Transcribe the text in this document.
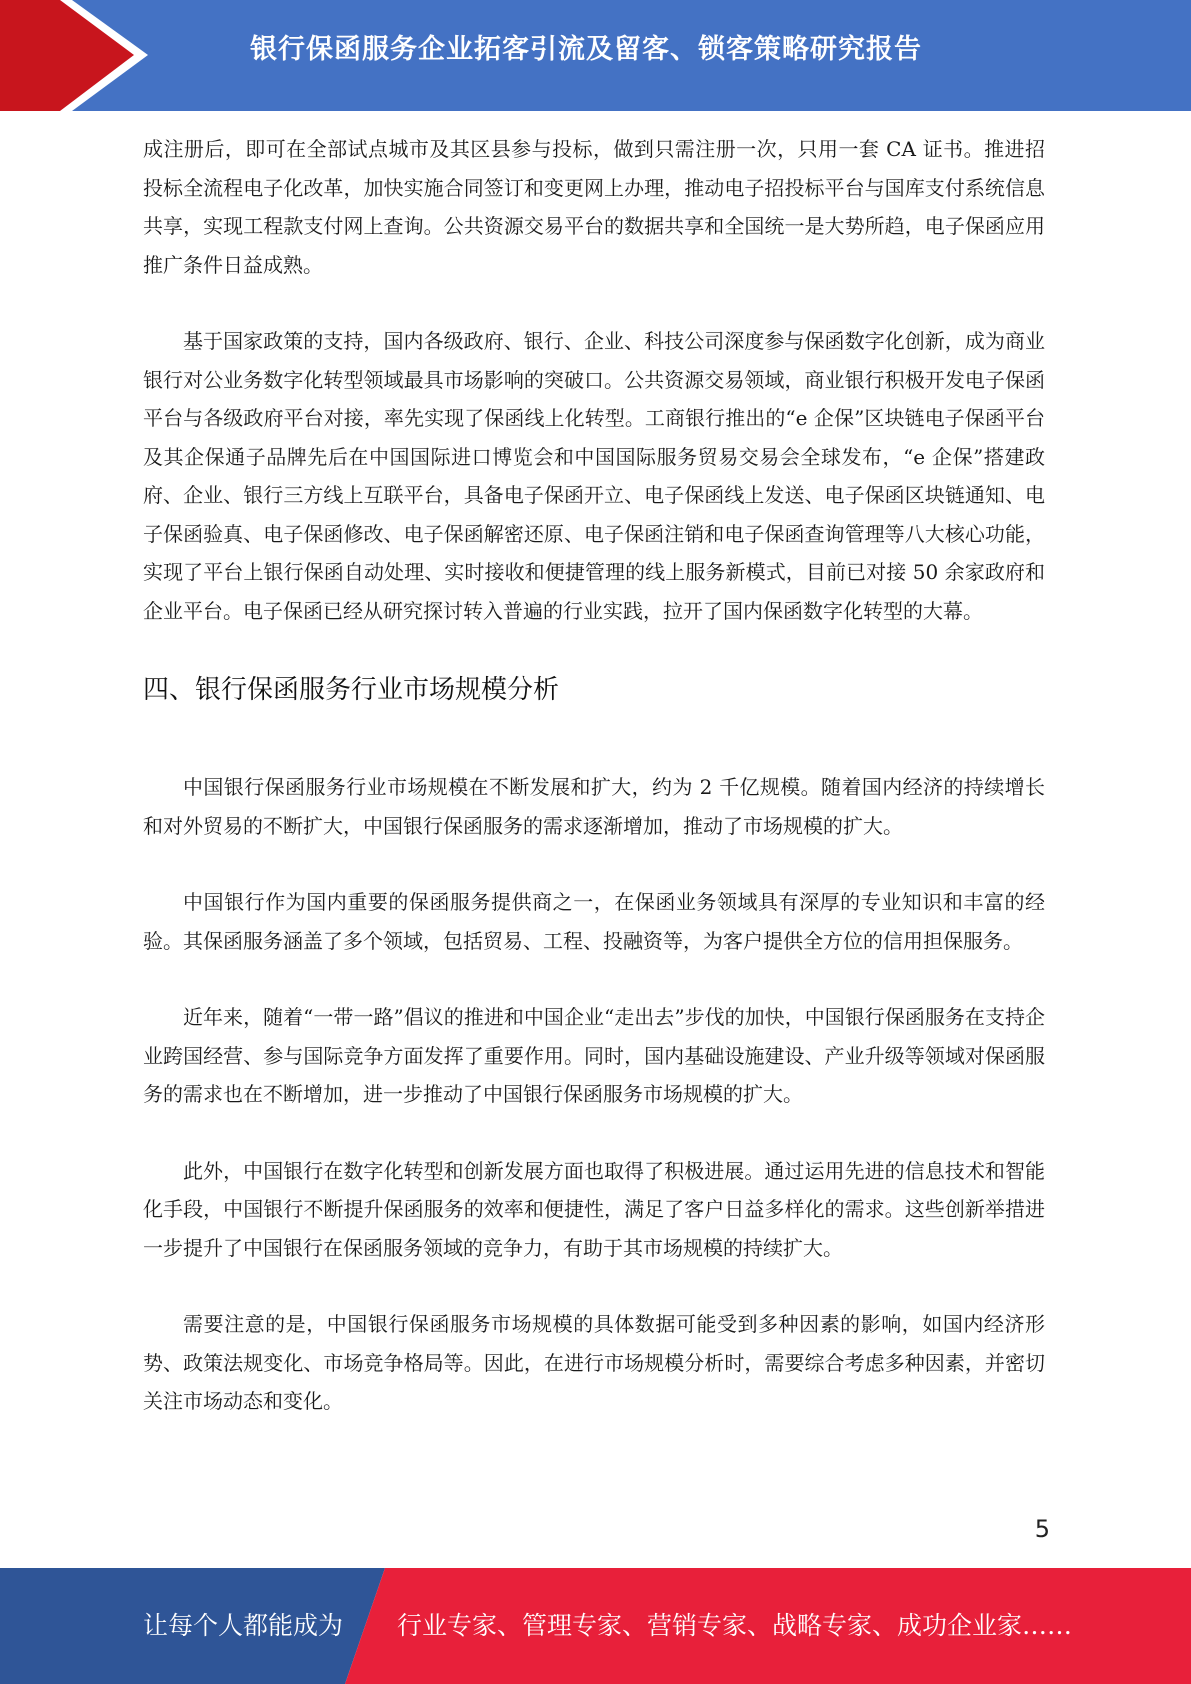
银行保函服务企业拓客引流及留客、锁客策略研究报告

成注册后，即可在全部试点城市及其区县参与投标，做到只需注册一次，只用一套 CA 证书。推进招投标全流程电子化改革，加快实施合同签订和变更网上办理，推动电子招投标平台与国库支付系统信息共享，实现工程款支付网上查询。公共资源交易平台的数据共享和全国统一是大势所趋，电子保函应用推广条件日益成熟。

基于国家政策的支持，国内各级政府、银行、企业、科技公司深度参与保函数字化创新，成为商业银行对公业务数字化转型领域最具市场影响的突破口。公共资源交易领域，商业银行积极开发电子保函平台与各级政府平台对接，率先实现了保函线上化转型。工商银行推出的“e 企保”区块链电子保函平台及其企保通子品牌先后在中国国际进口博览会和中国国际服务贸易交易会全球发布，“e 企保”搭建政府、企业、银行三方线上互联平台，具备电子保函开立、电子保函线上发送、电子保函区块链通知、电子保函验真、电子保函修改、电子保函解密还原、电子保函注销和电子保函查询管理等八大核心功能，实现了平台上银行保函自动处理、实时接收和便捷管理的线上服务新模式，目前已对接 50 余家政府和企业平台。电子保函已经从研究探讨转入普遍的行业实践，拉开了国内保函数字化转型的大幕。

四、银行保函服务行业市场规模分析

中国银行保函服务行业市场规模在不断发展和扩大，约为 2 千亿规模。随着国内经济的持续增长和对外贸易的不断扩大，中国银行保函服务的需求逐渐增加，推动了市场规模的扩大。

中国银行作为国内重要的保函服务提供商之一，在保函业务领域具有深厚的专业知识和丰富的经验。其保函服务涵盖了多个领域，包括贸易、工程、投融资等，为客户提供全方位的信用担保服务。

近年来，随着“一带一路”倡议的推进和中国企业“走出去”步伐的加快，中国银行保函服务在支持企业跨国经营、参与国际竞争方面发挥了重要作用。同时，国内基础设施建设、产业升级等领域对保函服务的需求也在不断增加，进一步推动了中国银行保函服务市场规模的扩大。

此外，中国银行在数字化转型和创新发展方面也取得了积极进展。通过运用先进的信息技术和智能化手段，中国银行不断提升保函服务的效率和便捷性，满足了客户日益多样化的需求。这些创新举措进一步提升了中国银行在保函服务领域的竞争力，有助于其市场规模的持续扩大。

需要注意的是，中国银行保函服务市场规模的具体数据可能受到多种因素的影响，如国内经济形势、政策法规变化、市场竞争格局等。因此，在进行市场规模分析时，需要综合考虑多种因素，并密切关注市场动态和变化。

5
让每个人都能成为 行业专家、管理专家、营销专家、战略专家、成功企业家……
